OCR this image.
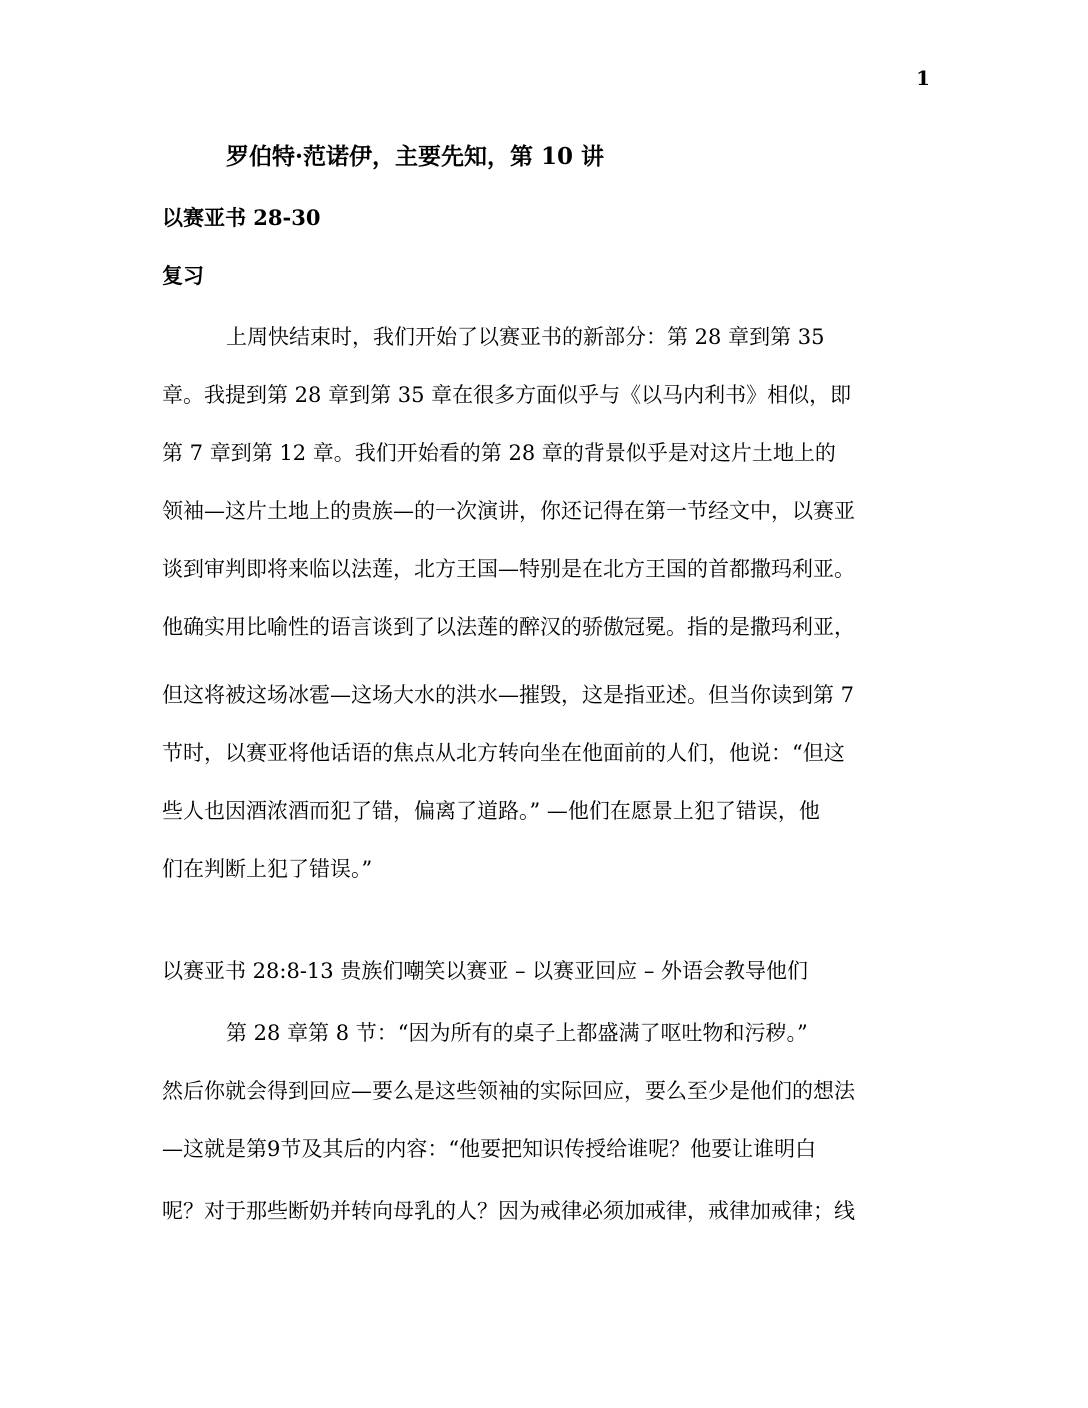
1
罗伯特·范诺伊，主要先知，第 10 讲
以赛亚书 28-30
复习
上周快结束时，我们开始了以赛亚书的新部分：第 28 章到第 35
章。我提到第 28 章到第 35 章在很多方面似乎与《以马内利书》相似，即
第 7 章到第 12 章。我们开始看的第 28 章的背景似乎是对这片土地上的
领袖—这片土地上的贵族—的一次演讲，你还记得在第一节经文中，以赛亚
谈到审判即将来临以法莲，北方王国—特别是在北方王国的首都撒玛利亚。
他确实用比喻性的语言谈到了以法莲的醉汉的骄傲冠冕。指的是撒玛利亚，
但这将被这场冰雹—这场大水的洪水—摧毁，这是指亚述。但当你读到第 7
节时，以赛亚将他话语的焦点从北方转向坐在他面前的人们，他说：“但这
些人也因酒浓酒而犯了错，偏离了道路。” —他们在愿景上犯了错误，他
们在判断上犯了错误。”
以赛亚书 28:8-13 贵族们嘲笑以赛亚 – 以赛亚回应 – 外语会教导他们
第 28 章第 8 节：“因为所有的桌子上都盛满了呕吐物和污秽。”
然后你就会得到回应—要么是这些领袖的实际回应，要么至少是他们的想法
—这就是第9节及其后的内容：“他要把知识传授给谁呢？他要让谁明白
呢？对于那些断奶并转向母乳的人？因为戒律必须加戒律，戒律加戒律；线
